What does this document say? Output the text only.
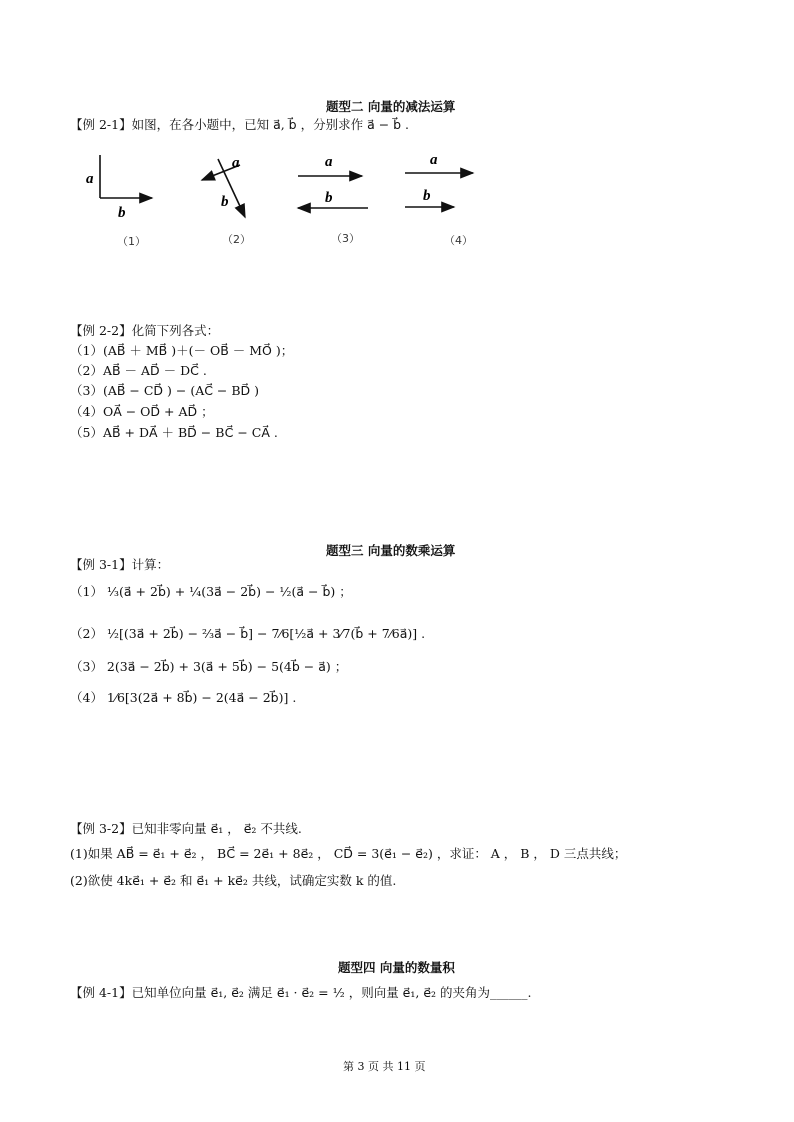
题型二 向量的减法运算
【例 2-1】如图，在各小题中，已知 a⃗, b⃗ ，分别求作 a⃗ − b⃗ .
a
b
a
b
a
b
a
b
（1）	（2）	（3）	（4）
【例 2-2】化简下列各式：
（1）(AB⃗ ＋ MB⃗ )＋(－ OB⃗ － MO⃗ )；
（2）AB⃗ － AD⃗ － DC⃗ .
（3）(AB⃗ − CD⃗ ) − (AC⃗ − BD⃗ )
（4）OA⃗ − OD⃗ + AD⃗ ；
（5）AB⃗ + DA⃗ ＋ BD⃗ − BC⃗ − CA⃗ .
题型三 向量的数乘运算
【例 3-1】计算：
（1） ⅓(a⃗ + 2b⃗) + ¼(3a⃗ − 2b⃗) − ½(a⃗ − b⃗) ；
（2） ½[(3a⃗ + 2b⃗) − ⅔a⃗ − b⃗] − 7⁄6[½a⃗ + 3⁄7(b⃗ + 7⁄6a⃗)] .
（3） 2(3a⃗ − 2b⃗) + 3(a⃗ + 5b⃗) − 5(4b⃗ − a⃗) ；
（4） 1⁄6[3(2a⃗ + 8b⃗) − 2(4a⃗ − 2b⃗)] .
【例 3-2】已知非零向量 e⃗₁ ， e⃗₂ 不共线.
(1)如果 AB⃗ = e⃗₁ + e⃗₂ ， BC⃗ = 2e⃗₁ + 8e⃗₂ ， CD⃗ = 3(e⃗₁ − e⃗₂) ，求证： A ， B ， D 三点共线；
(2)欲使 4ke⃗₁ + e⃗₂ 和 e⃗₁ + ke⃗₂ 共线，试确定实数 k 的值.
题型四 向量的数量积
【例 4-1】已知单位向量 e⃗₁, e⃗₂ 满足 e⃗₁ · e⃗₂ = ½ ，则向量 e⃗₁, e⃗₂ 的夹角为______.
第 3 页 共 11 页
